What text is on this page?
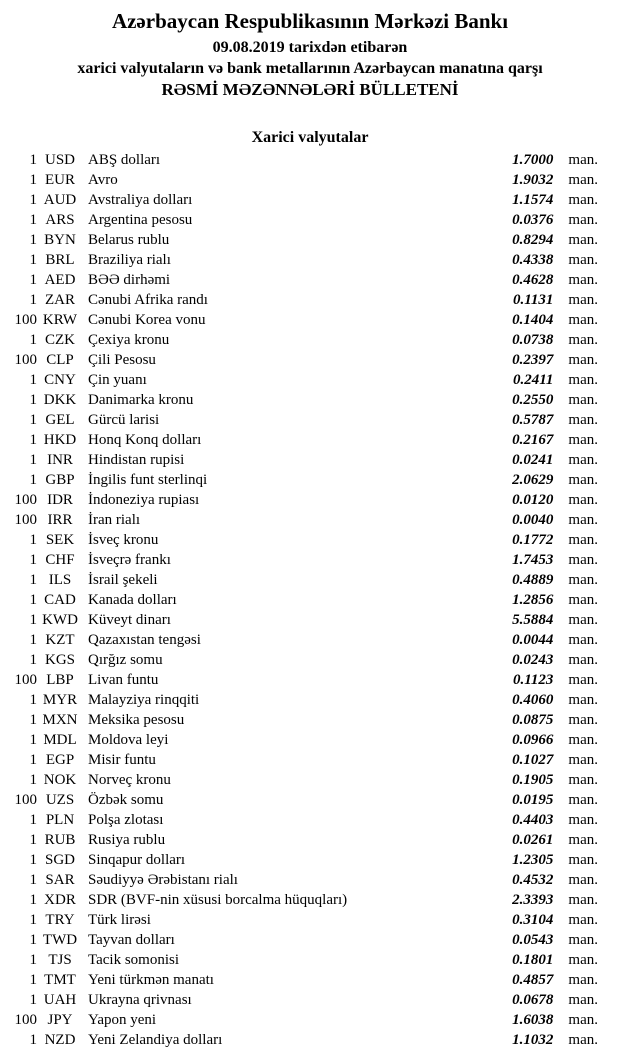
Azərbaycan Respublikasının Mərkəzi Bankı
09.08.2019 tarixdən etibarən
xarici valyutaların və bank metallarının Azərbaycan manatına qarşı
RƏSMİ MƏZƏNNƏLƏRİ BÜLLETENİ
Xarici valyutalar
1 USD ABŞ dolları	1.7000 man.
1 EUR Avro	1.9032 man.
1 AUD Avstraliya dolları	1.1574 man.
1 ARS Argentina pesosu	0.0376 man.
1 BYN Belarus rublu	0.8294 man.
1 BRL Braziliya rialı	0.4338 man.
1 AED BƏƏ dirhəmi	0.4628 man.
1 ZAR Cənubi Afrika randı	0.1131 man.
100 KRW Cənubi Korea vonu	0.1404 man.
1 CZK Çexiya kronu	0.0738 man.
100 CLP Çili Pesosu	0.2397 man.
1 CNY Çin yuanı	0.2411 man.
1 DKK Danimarka kronu	0.2550 man.
1 GEL Gürcü larisi	0.5787 man.
1 HKD Honq Konq dolları	0.2167 man.
1 INR	Hindistan rupisi	0.0241 man.
1 GBP İngilis funt sterlinqi	2.0629 man.
100 IDR	İndoneziya rupiası	0.0120 man.
100 IRR	İran rialı	0.0040 man.
1 SEK İsveç kronu	0.1772 man.
1 CHF İsveçrə frankı	1.7453 man.
1 ILS	İsrail şekeli	0.4889 man.
1 CAD Kanada dolları	1.2856 man.
1 KWD Küveyt dinarı	5.5884 man.
1 KZT Qazaxıstan tengəsi	0.0044 man.
1 KGS Qırğız somu	0.0243 man.
100 LBP Livan funtu	0.1123 man.
1 MYR Malayziya rinqqiti	0.4060 man.
1 MXN Meksika pesosu	0.0875 man.
1 MDL Moldova leyi	0.0966 man.
1 EGP Misir funtu	0.1027 man.
1 NOK Norveç kronu	0.1905 man.
100 UZS Özbək somu	0.0195 man.
1 PLN Polşa zlotası	0.4403 man.
1 RUB Rusiya rublu	0.0261 man.
1 SGD Sinqapur dolları	1.2305 man.
1 SAR Səudiyyə Ərəbistanı rialı	0.4532 man.
1 XDR SDR (BVF-nin xüsusi borcalma hüquqları)	2.3393 man.
1 TRY Türk lirəsi	0.3104 man.
1 TWD Tayvan dolları	0.0543 man.
1 TJS	Tacik somonisi	0.1801 man.
1 TMT Yeni türkmən manatı	0.4857 man.
1 UAH Ukrayna qrivnası	0.0678 man.
100 JPY	Yapon yeni	1.6038 man.
1 NZD Yeni Zelandiya dolları	1.1032 man.
